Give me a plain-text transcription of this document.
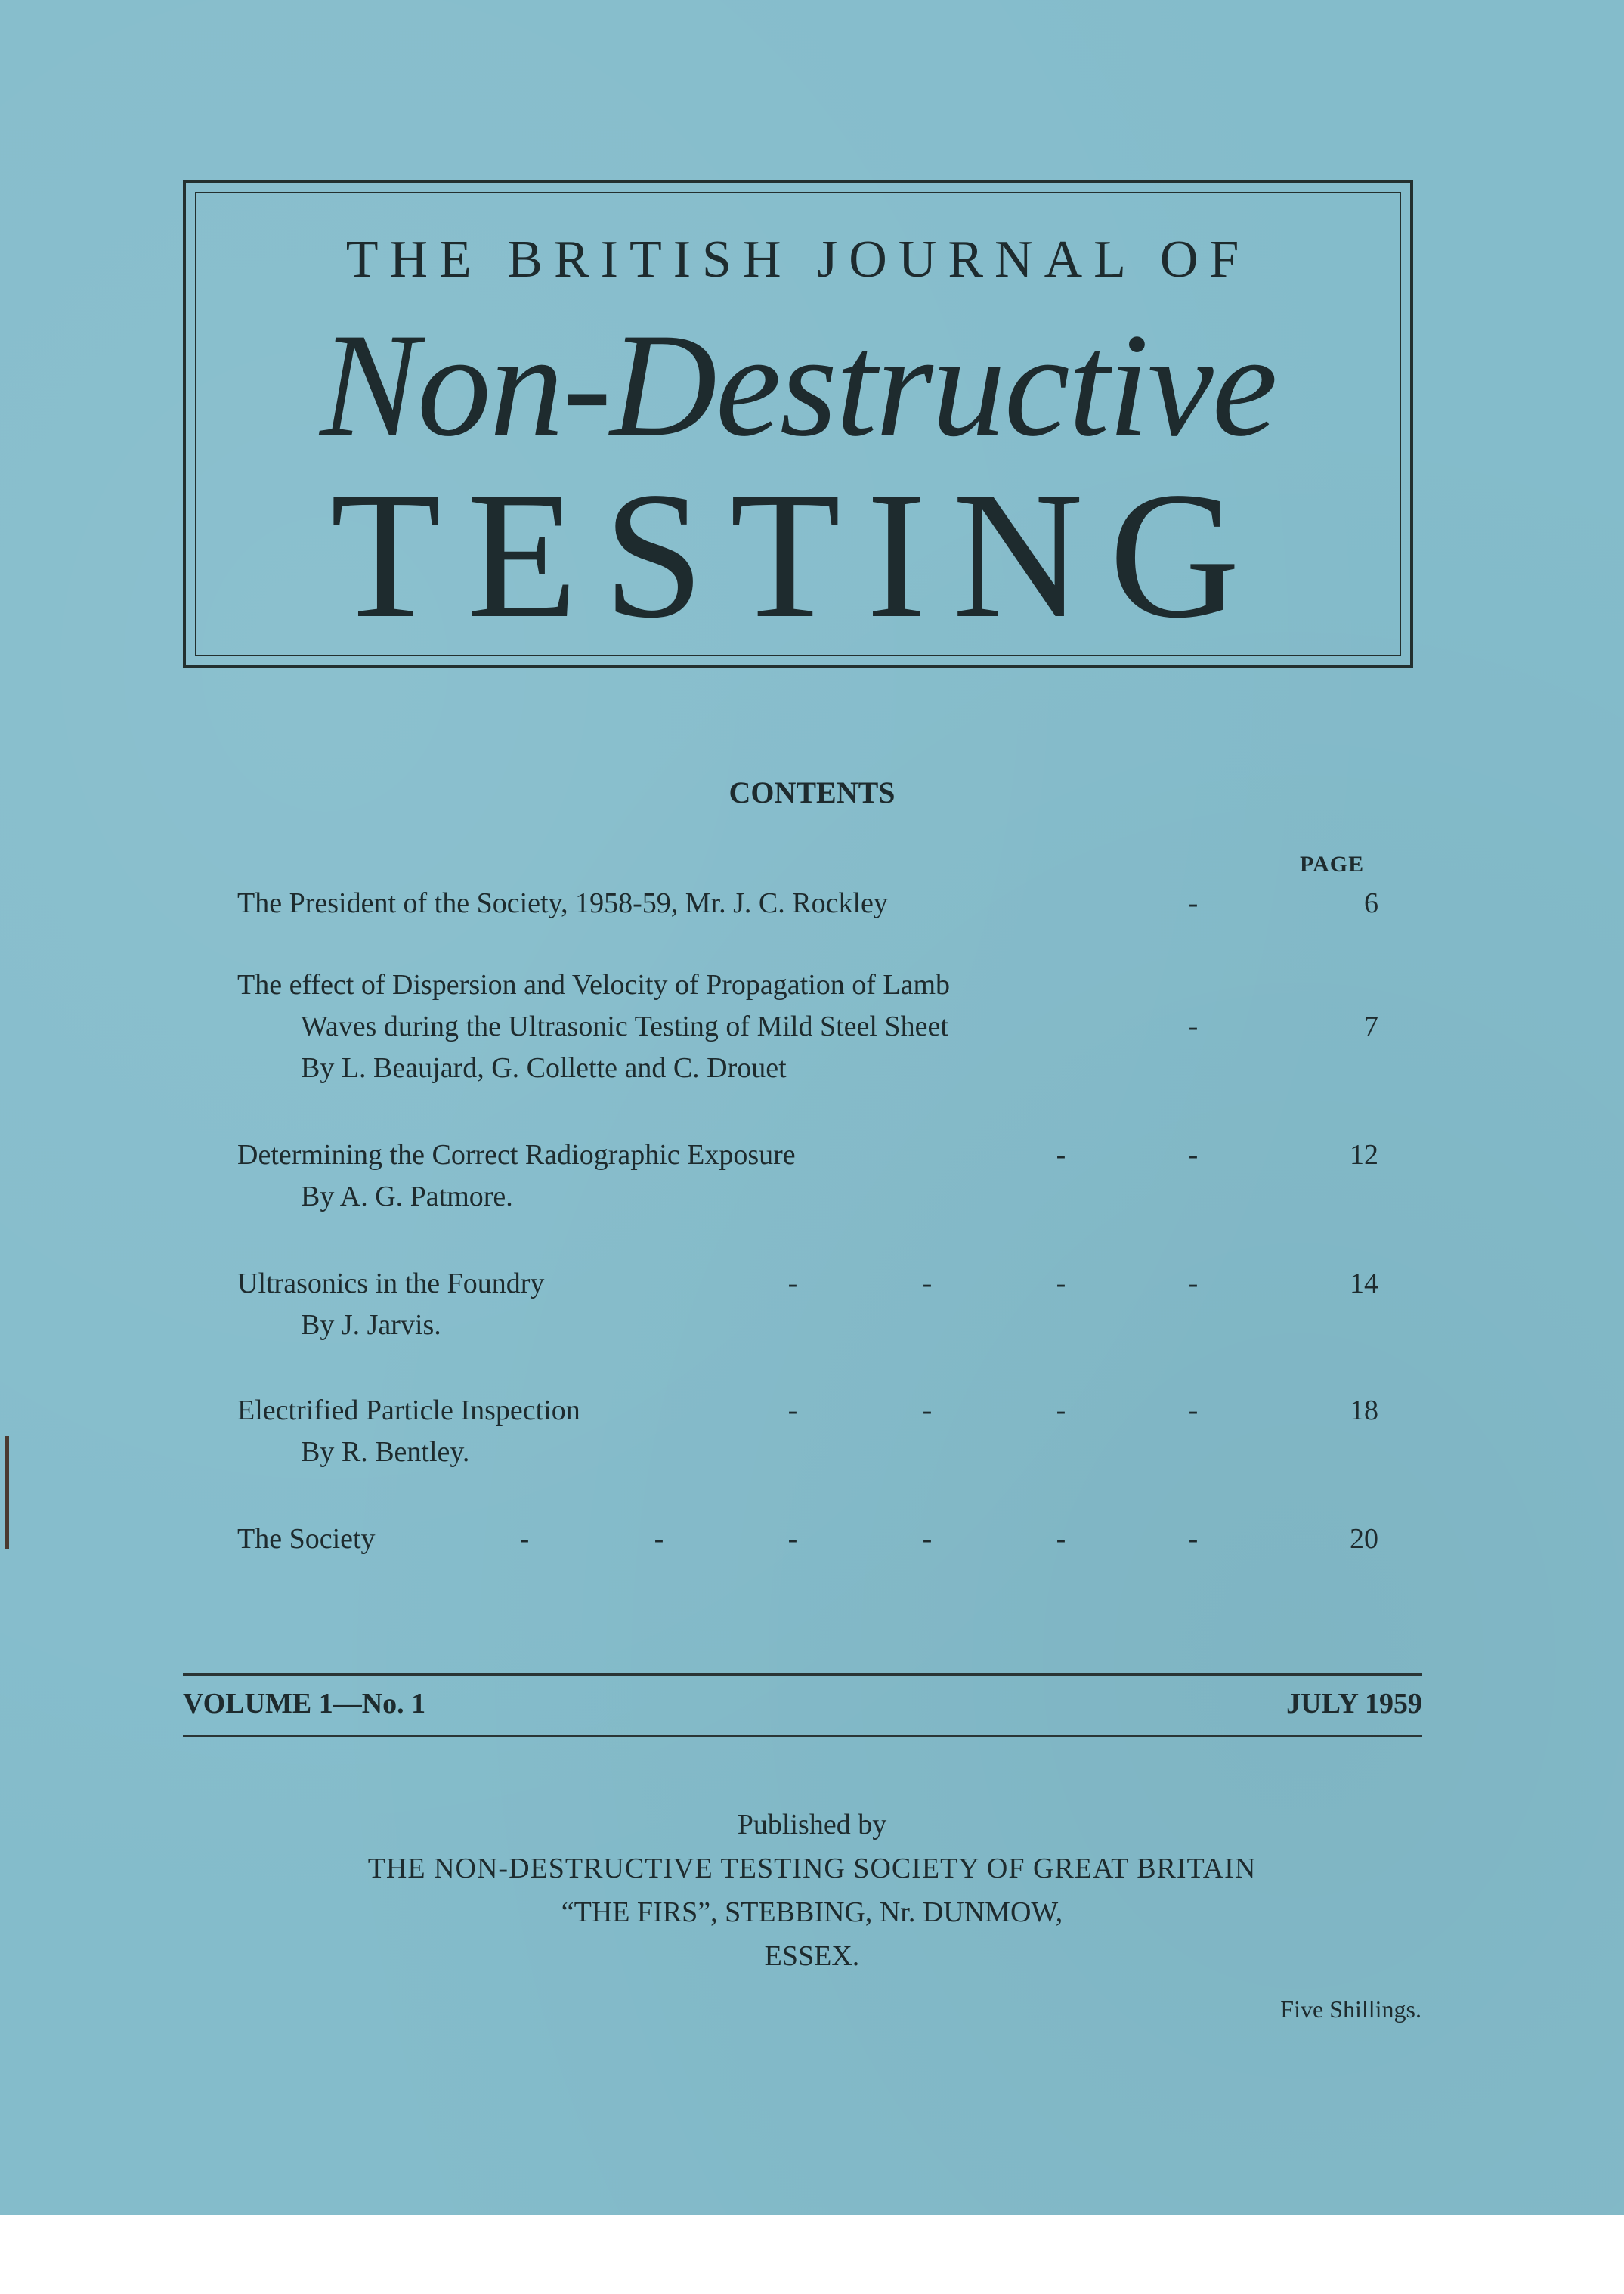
THE BRITISH JOURNAL OF
Non-Destructive
TESTING
CONTENTS
PAGE
The President of the Society, 1958-59, Mr. J. C. Rockley	-	6
The effect of Dispersion and Velocity of Propagation of Lamb
Waves during the Ultrasonic Testing of Mild Steel Sheet	-	7
By L. Beaujard, G. Collette and C. Drouet
Determining the Correct Radiographic Exposure	-	-	12
By A. G. Patmore.
Ultrasonics in the Foundry	-	-	-	-	14
By J. Jarvis.
Electrified Particle Inspection	-	-	-	-	18
By R. Bentley.
The Society	-	-	-	-	-	-	20
VOLUME 1—No. 1	JULY 1959
Published by
THE NON-DESTRUCTIVE TESTING SOCIETY OF GREAT BRITAIN
“THE FIRS”, STEBBING, Nr. DUNMOW,
ESSEX.
Five Shillings.
